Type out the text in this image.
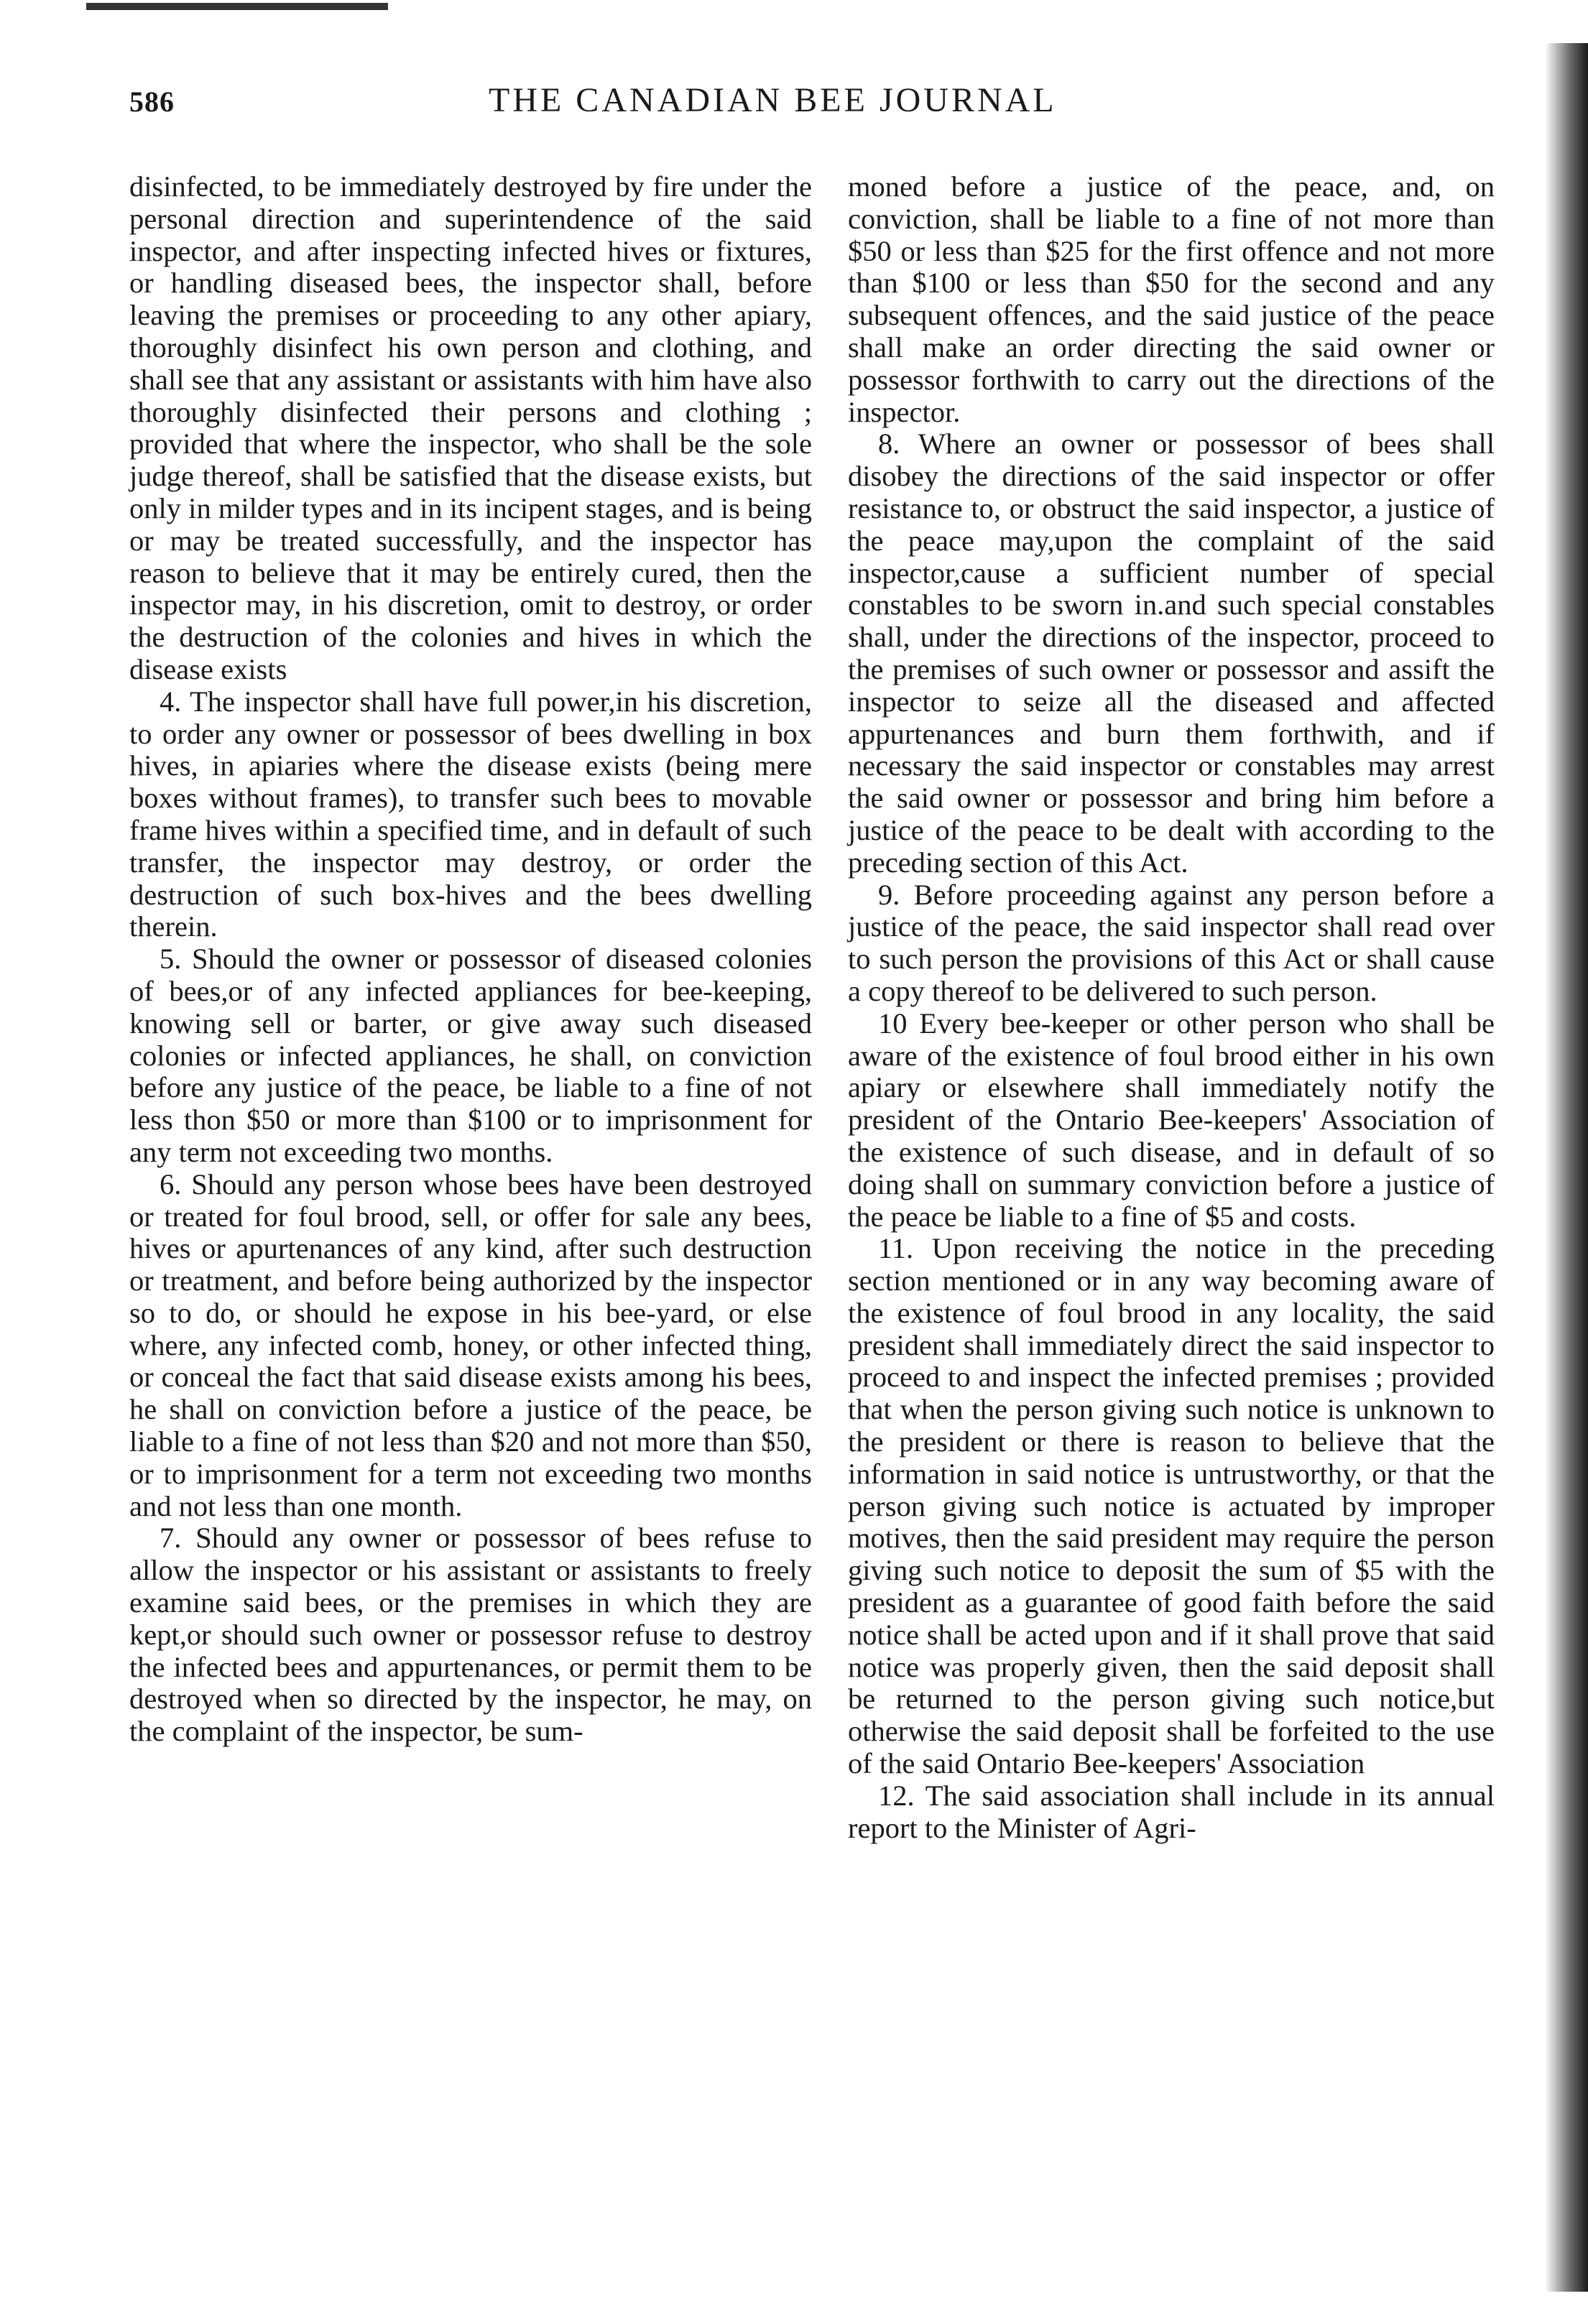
586	THE CANADIAN BEE JOURNAL

disinfected, to be immediately destroyed by fire under the personal direction and superintendence of the said inspector, and after inspecting infected hives or fixtures, or handling diseased bees, the inspector shall, before leaving the premises or proceeding to any other apiary, thoroughly disinfect his own person and clothing, and shall see that any assistant or assistants with him have also thoroughly disinfected their persons and clothing ; provided that where the inspector, who shall be the sole judge thereof, shall be satisfied that the disease exists, but only in milder types and in its incipent stages, and is being or may be treated successfully, and the inspector has reason to believe that it may be entirely cured, then the inspector may, in his discretion, omit to destroy, or order the destruction of the colonies and hives in which the disease exists

4. The inspector shall have full power,in his discretion, to order any owner or possessor of bees dwelling in box hives, in apiaries where the disease exists (being mere boxes without frames), to transfer such bees to movable frame hives within a specified time, and in default of such transfer, the inspector may destroy, or order the destruction of such box-hives and the bees dwelling therein.

5. Should the owner or possessor of diseased colonies of bees,or of any infected appliances for bee-keeping, knowing sell or barter, or give away such diseased colonies or infected appliances, he shall, on conviction before any justice of the peace, be liable to a fine of not less thon $50 or more than $100 or to imprisonment for any term not exceeding two months.

6. Should any person whose bees have been destroyed or treated for foul brood, sell, or offer for sale any bees, hives or apurtenances of any kind, after such destruction or treatment, and before being authorized by the inspector so to do, or should he expose in his bee-yard, or else where, any infected comb, honey, or other infected thing, or conceal the fact that said disease exists among his bees, he shall on conviction before a justice of the peace, be liable to a fine of not less than $20 and not more than $50, or to imprisonment for a term not exceeding two months and not less than one month.

7. Should any owner or possessor of bees refuse to allow the inspector or his assistant or assistants to freely examine said bees, or the premises in which they are kept,or should such owner or possessor refuse to destroy the infected bees and appurtenances, or permit them to be destroyed when so directed by the inspector, he may, on the complaint of the inspector, be sum-

moned before a justice of the peace, and, on conviction, shall be liable to a fine of not more than $50 or less than $25 for the first offence and not more than $100 or less than $50 for the second and any subsequent offences, and the said justice of the peace shall make an order directing the said owner or possessor forthwith to carry out the directions of the inspector.

8. Where an owner or possessor of bees shall disobey the directions of the said inspector or offer resistance to, or obstruct the said inspector, a justice of the peace may,upon the complaint of the said inspector,cause a sufficient number of special constables to be sworn in.and such special constables shall, under the directions of the inspector, proceed to the premises of such owner or possessor and assift the inspector to seize all the diseased and affected appurtenances and burn them forthwith, and if necessary the said inspector or constables may arrest the said owner or possessor and bring him before a justice of the peace to be dealt with according to the preceding section of this Act.

9. Before proceeding against any person before a justice of the peace, the said inspector shall read over to such person the provisions of this Act or shall cause a copy thereof to be delivered to such person.

10 Every bee-keeper or other person who shall be aware of the existence of foul brood either in his own apiary or elsewhere shall immediately notify the president of the Ontario Bee-keepers' Association of the existence of such disease, and in default of so doing shall on summary conviction before a justice of the peace be liable to a fine of $5 and costs.

11. Upon receiving the notice in the preceding section mentioned or in any way becoming aware of the existence of foul brood in any locality, the said president shall immediately direct the said inspector to proceed to and inspect the infected premises ; provided that when the person giving such notice is unknown to the president or there is reason to believe that the information in said notice is untrustworthy, or that the person giving such notice is actuated by improper motives, then the said president may require the person giving such notice to deposit the sum of $5 with the president as a guarantee of good faith before the said notice shall be acted upon and if it shall prove that said notice was properly given, then the said deposit shall be returned to the person giving such notice,but otherwise the said deposit shall be forfeited to the use of the said Ontario Bee-keepers' Association

12. The said association shall include in its annual report to the Minister of Agri-
